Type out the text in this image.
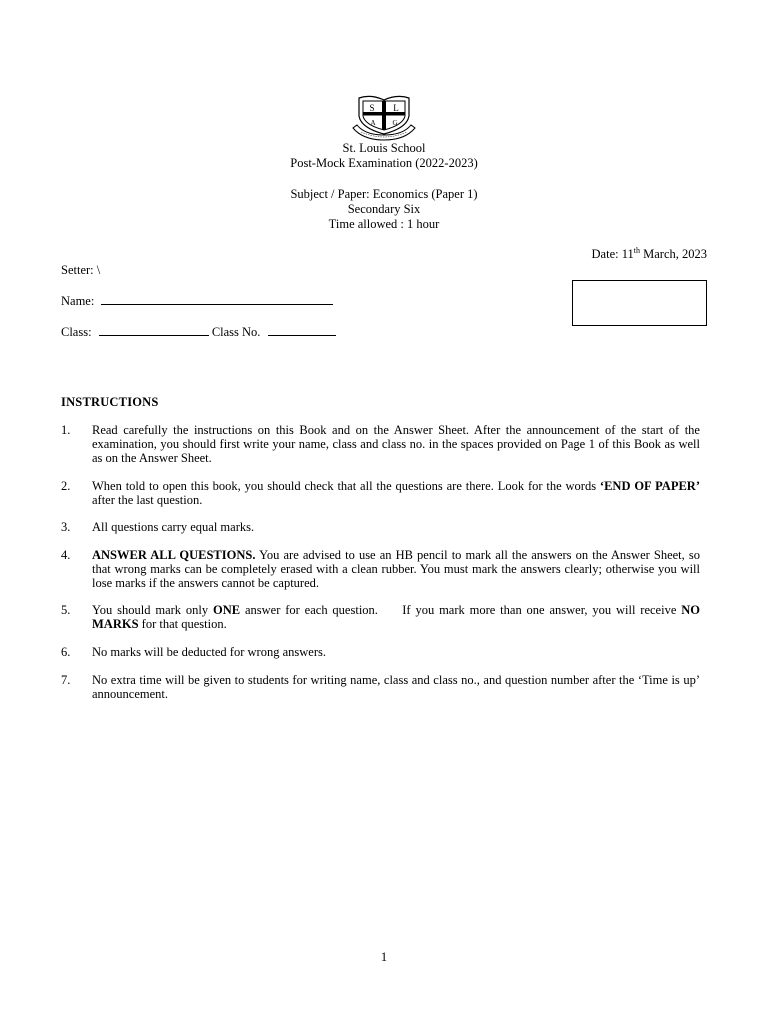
S L
A G
St. Louis School
Post-Mock Examination (2022-2023)
Subject / Paper: Economics (Paper 1)
Secondary Six
Time allowed : 1 hour
Date: 11th March, 2023
Setter: \
Name:
Class:	Class No.
INSTRUCTIONS
1. Read carefully the instructions on this Book and on the Answer Sheet. After the announcement of the start of the examination, you should first write your name, class and class no. in the spaces provided on Page 1 of this Book as well as on the Answer Sheet.
2. When told to open this book, you should check that all the questions are there. Look for the words ‘END OF PAPER’ after the last question.
3. All questions carry equal marks.
4. ANSWER ALL QUESTIONS. You are advised to use an HB pencil to mark all the answers on the Answer Sheet, so that wrong marks can be completely erased with a clean rubber. You must mark the answers clearly; otherwise you will lose marks if the answers cannot be captured.
5. You should mark only ONE answer for each question.     If you mark more than one answer, you will receive NO MARKS for that question.
6. No marks will be deducted for wrong answers.
7. No extra time will be given to students for writing name, class and class no., and question number after the ‘Time is up’ announcement.
1
